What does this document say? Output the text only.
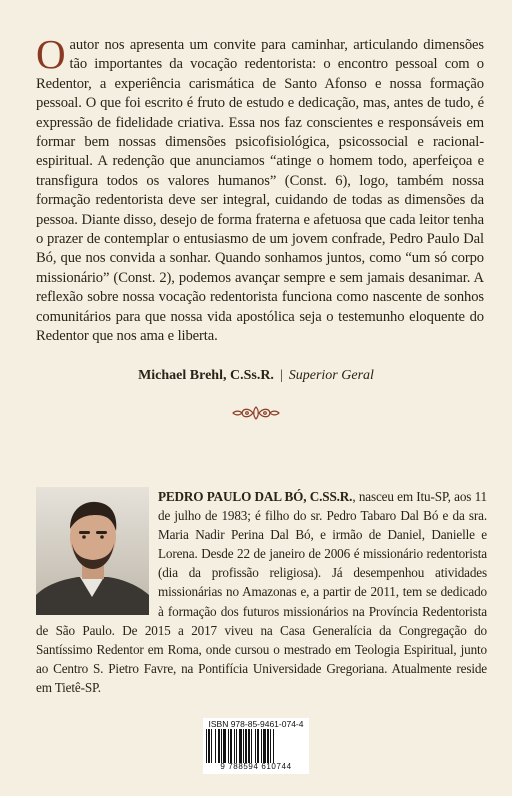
Oautor nos apresenta um convite para caminhar, articulando dimensões tão importantes da vocação redentorista: o encontro pessoal com o Redentor, a experiência carismática de Santo Afonso e nossa formação pessoal. O que foi escrito é fruto de estudo e dedicação, mas, antes de tudo, é expressão de fidelidade criativa. Essa nos faz conscientes e responsáveis em formar bem nossas dimensões psicofisiológica, psicossocial e racional-espiritual. A redenção que anunciamos “atinge o homem todo, aperfeiçoa e transfigura todos os valores humanos” (Const. 6), logo, também nossa formação redentorista deve ser integral, cuidando de todas as dimensões da pessoa. Diante disso, desejo de forma fraterna e afetuosa que cada leitor tenha o prazer de contemplar o entusiasmo de um jovem confrade, Pedro Paulo Dal Bó, que nos convida a sonhar. Quando sonhamos juntos, como “um só corpo missionário” (Const. 2), podemos avançar sempre e sem jamais desanimar. A reflexão sobre nossa vocação redentorista funciona como nascente de sonhos comunitários para que nossa vida apostólica seja o testemunho eloquente do Redentor que nos ama e liberta.
Michael Brehl, C.Ss.R. | Superior Geral
PEDRO PAULO DAL BÓ, C.SS.R., nasceu em Itu-SP, aos 11 de julho de 1983; é filho do sr. Pedro Tabaro Dal Bó e da sra. Maria Nadir Perina Dal Bó, e irmão de Daniel, Danielle e Lorena. Desde 22 de janeiro de 2006 é missionário redentorista (dia da profissão religiosa). Já desempenhou atividades missionárias no Amazonas e, a partir de 2011, tem se dedicado à formação dos futuros missionários na Província Redentorista de São Paulo. De 2015 a 2017 viveu na Casa Generalícia da Congregação do Santíssimo Redentor em Roma, onde cursou o mestrado em Teologia Espiritual, junto ao Centro S. Pietro Favre, na Pontifícia Universidade Gregoriana. Atualmente reside em Tietê-SP.
ISBN 978-85-9461-074-4
9 788594 610744
